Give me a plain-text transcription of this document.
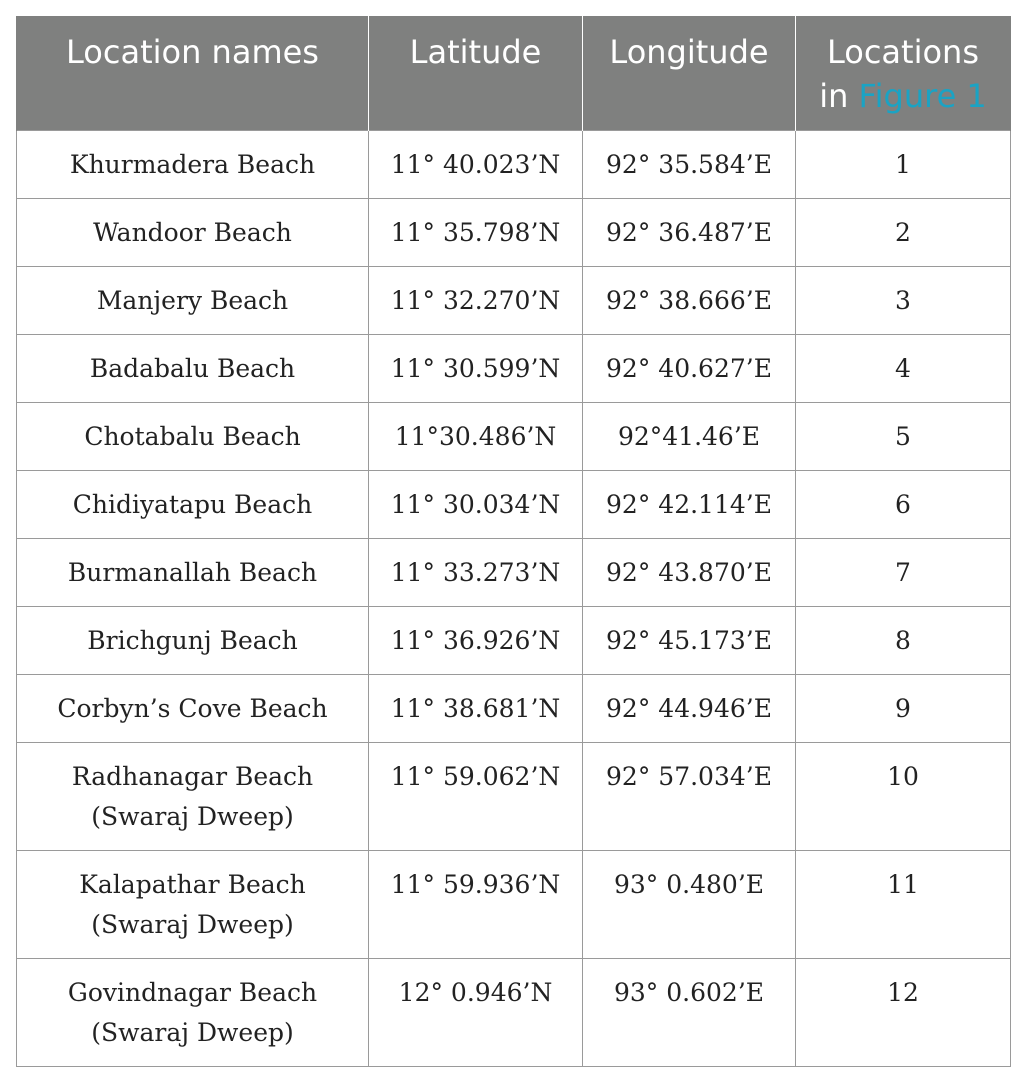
Location names	Latitude	Longitude	Locations
in Figure 1

Khurmadera Beach	11° 40.023’N	92° 35.584’E	1
Wandoor Beach	11° 35.798’N	92° 36.487’E	2
Manjery Beach	11° 32.270’N	92° 38.666’E	3
Badabalu Beach	11° 30.599’N	92° 40.627’E	4
Chotabalu Beach	11°30.486’N	92°41.46’E	5
Chidiyatapu Beach	11° 30.034’N	92° 42.114’E	6
Burmanallah Beach	11° 33.273’N	92° 43.870’E	7
Brichgunj Beach	11° 36.926’N	92° 45.173’E	8
Corbyn’s Cove Beach	11° 38.681’N	92° 44.946’E	9

Radhanagar Beach
(Swaraj Dweep)	11° 59.062’N	92° 57.034’E	10

Kalapathar Beach
(Swaraj Dweep)	11° 59.936’N	93° 0.480’E	11

Govindnagar Beach
(Swaraj Dweep)	12° 0.946’N	93° 0.602’E	12
